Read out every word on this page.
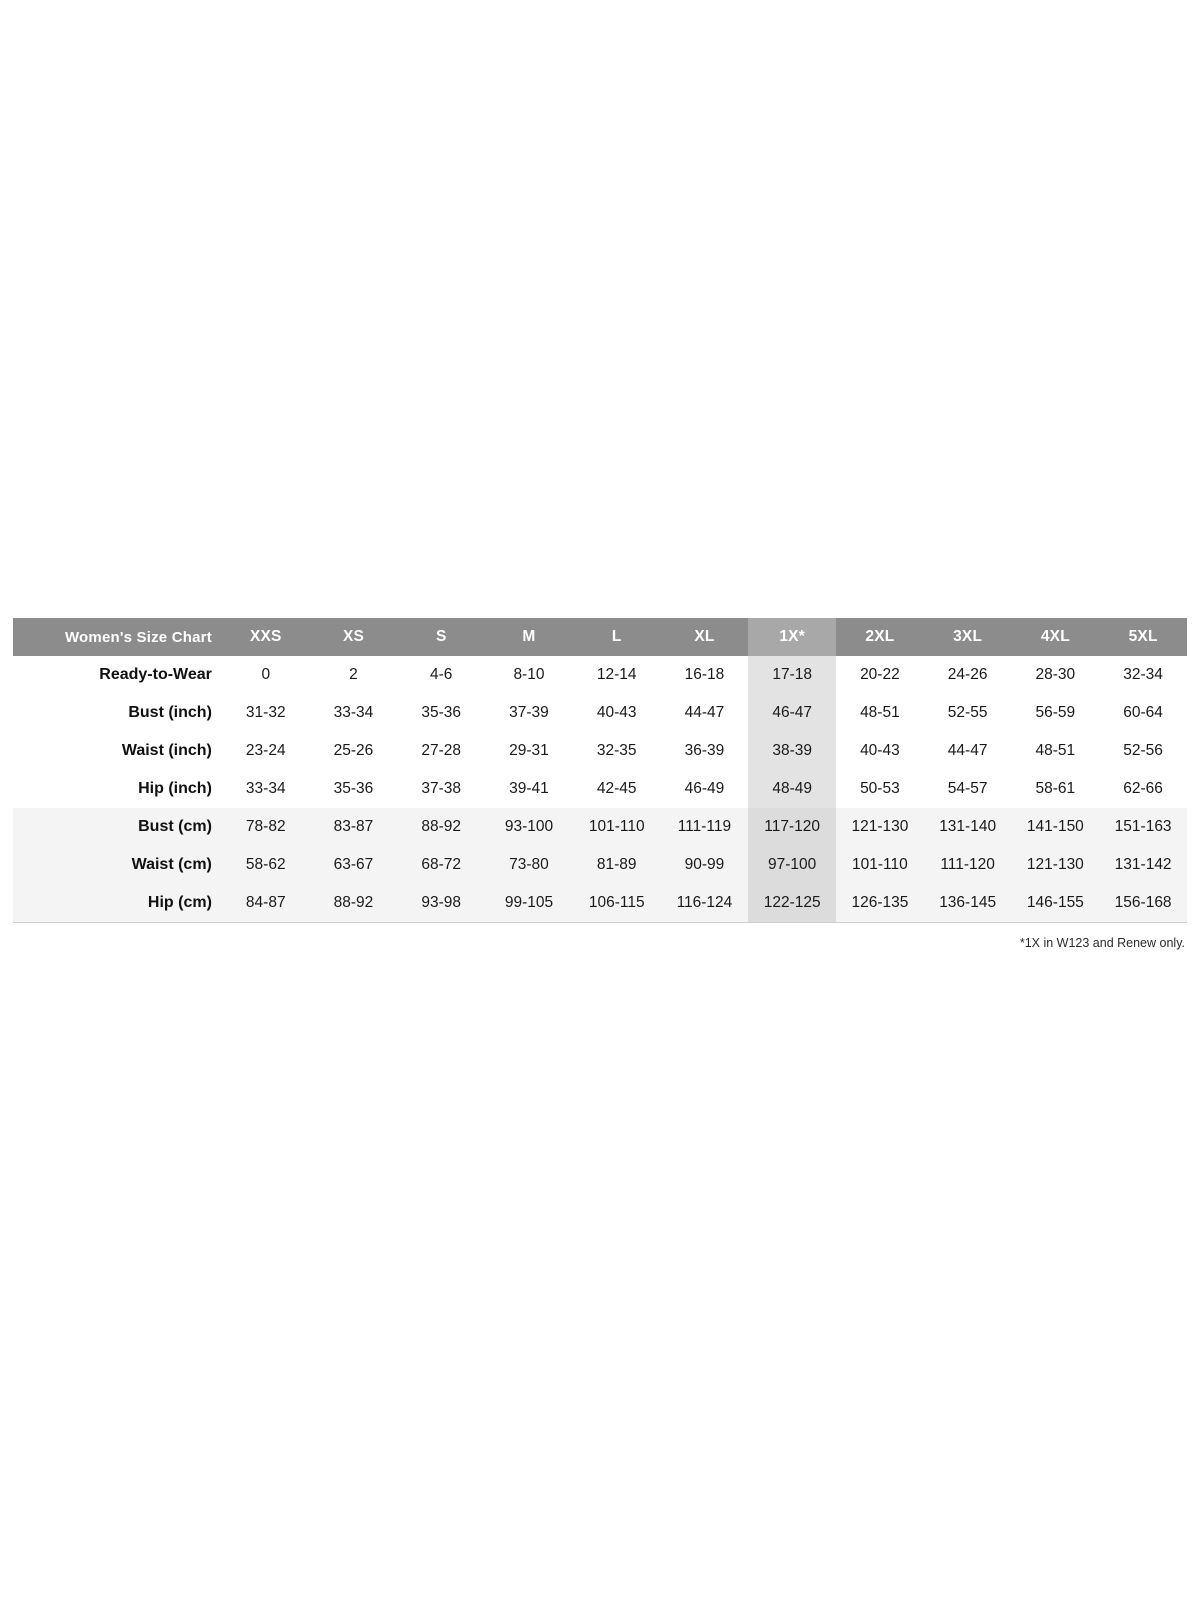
Women's Size Chart	XXS	XS	S	M	L	XL	1X*	2XL	3XL	4XL	5XL
Ready-to-Wear	0	2	4-6	8-10	12-14	16-18	17-18	20-22	24-26	28-30	32-34
Bust (inch)	31-32	33-34	35-36	37-39	40-43	44-47	46-47	48-51	52-55	56-59	60-64
Waist (inch)	23-24	25-26	27-28	29-31	32-35	36-39	38-39	40-43	44-47	48-51	52-56
Hip (inch)	33-34	35-36	37-38	39-41	42-45	46-49	48-49	50-53	54-57	58-61	62-66
Bust (cm)	78-82	83-87	88-92	93-100	101-110	111-119	117-120	121-130	131-140	141-150	151-163
Waist (cm)	58-62	63-67	68-72	73-80	81-89	90-99	97-100	101-110	111-120	121-130	131-142
Hip (cm)	84-87	88-92	93-98	99-105	106-115	116-124	122-125	126-135	136-145	146-155	156-168
*1X in W123 and Renew only.
